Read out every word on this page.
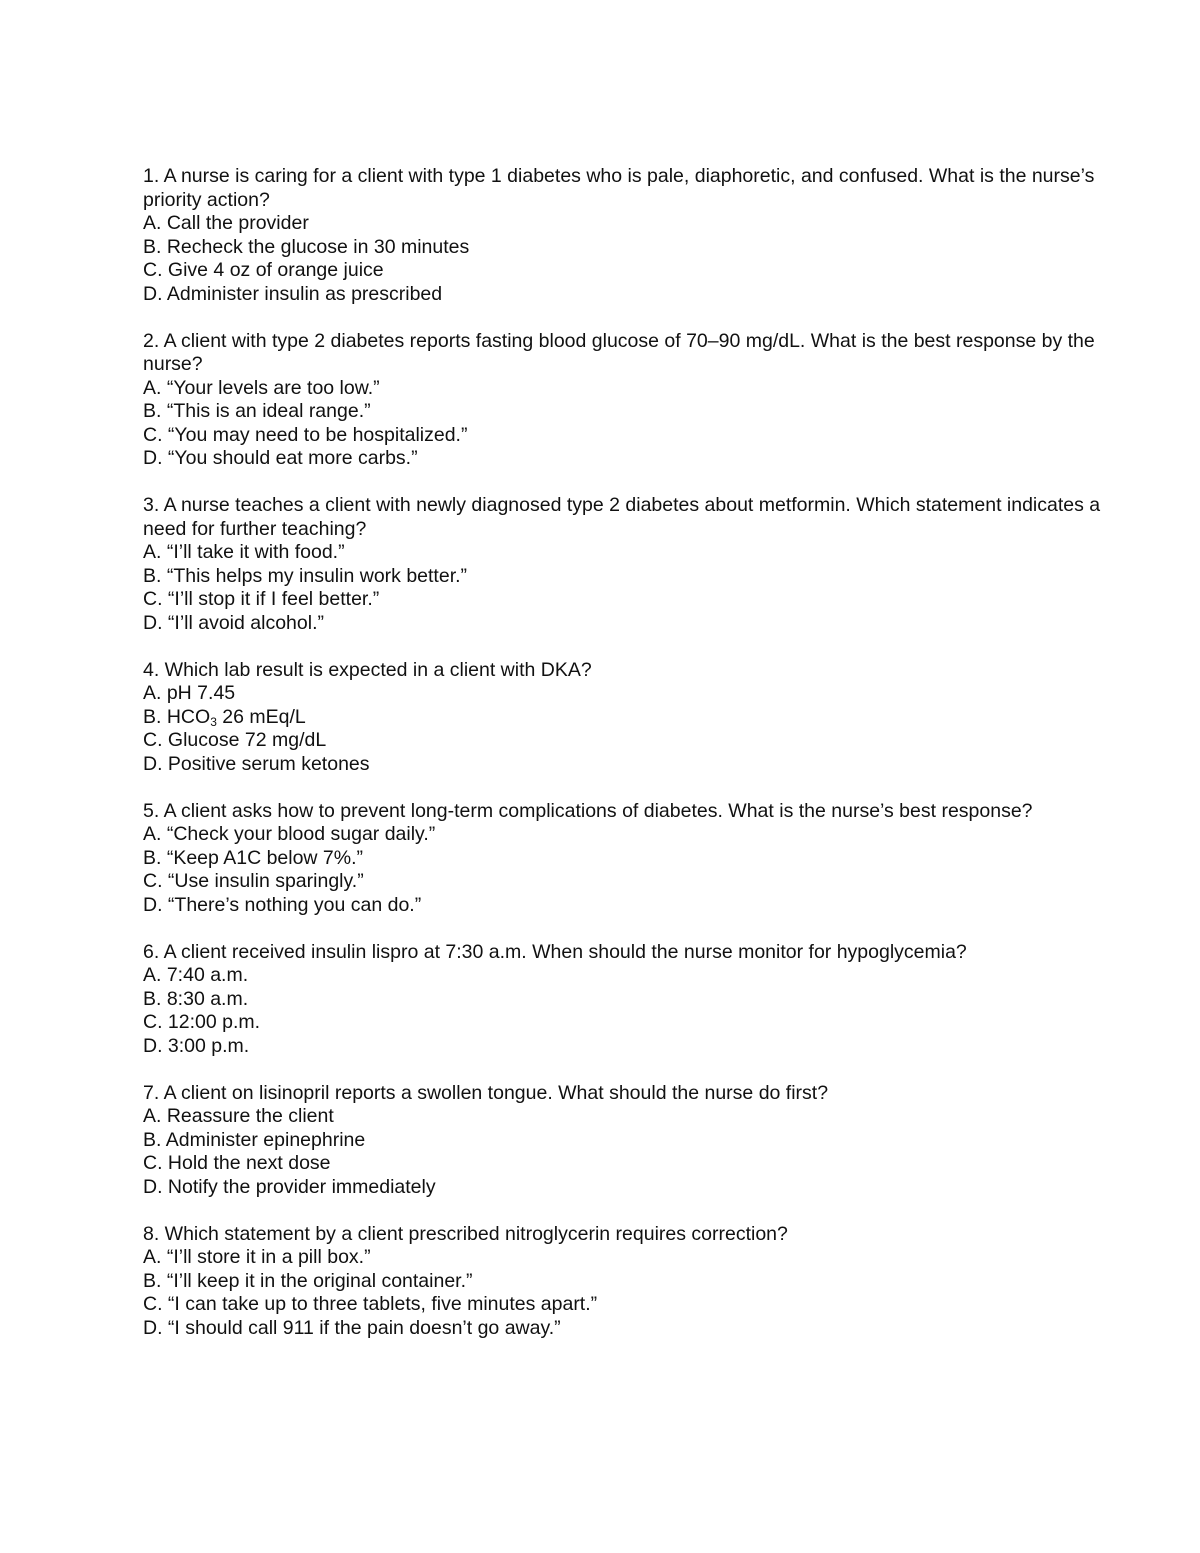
1. A nurse is caring for a client with type 1 diabetes who is pale, diaphoretic, and confused. What is the nurse’s priority action?

A. Call the provider

B. Recheck the glucose in 30 minutes

C. Give 4 oz of orange juice

D. Administer insulin as prescribed

2. A client with type 2 diabetes reports fasting blood glucose of 70–90 mg/dL. What is the best response by the nurse?

A. “Your levels are too low.”

B. “This is an ideal range.”

C. “You may need to be hospitalized.”

D. “You should eat more carbs.”

3. A nurse teaches a client with newly diagnosed type 2 diabetes about metformin. Which statement indicates a need for further teaching?

A. “I’ll take it with food.”

B. “This helps my insulin work better.”

C. “I’ll stop it if I feel better.”

D. “I’ll avoid alcohol.”

4. Which lab result is expected in a client with DKA?

A. pH 7.45

B. $HCO_3$ 26 mEq/L

C. Glucose 72 mg/dL

D. Positive serum ketones

5. A client asks how to prevent long-term complications of diabetes. What is the nurse’s best response?

A. “Check your blood sugar daily.”

B. “Keep A1C below 7%.”

C. “Use insulin sparingly.”

D. “There’s nothing you can do.”

6. A client received insulin lispro at 7:30 a.m. When should the nurse monitor for hypoglycemia?

A. 7:40 a.m.

B. 8:30 a.m.

C. 12:00 p.m.

D. 3:00 p.m.

7. A client on lisinopril reports a swollen tongue. What should the nurse do first?

A. Reassure the client

B. Administer epinephrine

C. Hold the next dose

D. Notify the provider immediately

8. Which statement by a client prescribed nitroglycerin requires correction?

A. “I’ll store it in a pill box.”

B. “I’ll keep it in the original container.”

C. “I can take up to three tablets, five minutes apart.”

D. “I should call 911 if the pain doesn’t go away.”
